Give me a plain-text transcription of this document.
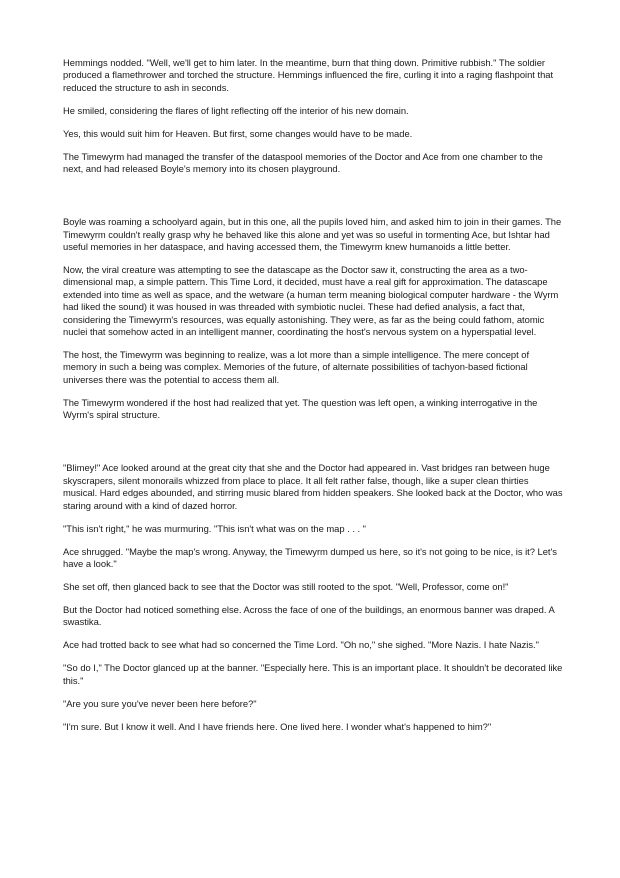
Hemmings nodded. "Well, we'll get to him later. In the meantime, burn that thing down. Primitive rubbish." The soldier produced a flamethrower and torched the structure. Hemmings influenced the fire, curling it into a raging flashpoint that reduced the structure to ash in seconds.

He smiled, considering the flares of light reflecting off the interior of his new domain.

Yes, this would suit him for Heaven. But first, some changes would have to be made.

The Timewyrm had managed the transfer of the dataspool memories of the Doctor and Ace from one chamber to the next, and had released Boyle's memory into its chosen playground.

Boyle was roaming a schoolyard again, but in this one, all the pupils loved him, and asked him to join in their games. The Timewyrm couldn't really grasp why he behaved like this alone and yet was so useful in tormenting Ace, but Ishtar had useful memories in her dataspace, and having accessed them, the Timewyrm knew humanoids a little better.

Now, the viral creature was attempting to see the datascape as the Doctor saw it, constructing the area as a two-dimensional map, a simple pattern. This Time Lord, it decided, must have a real gift for approximation. The datascape extended into time as well as space, and the wetware (a human term meaning biological computer hardware - the Wyrm had liked the sound) it was housed in was threaded with symbiotic nuclei. These had defied analysis, a fact that, considering the Timewyrm's resources, was equally astonishing. They were, as far as the being could fathom, atomic nuclei that somehow acted in an intelligent manner, coordinating the host's nervous system on a hyperspatial level.

The host, the Timewyrm was beginning to realize, was a lot more than a simple intelligence. The mere concept of memory in such a being was complex. Memories of the future, of alternate possibilities of tachyon-based fictional universes there was the potential to access them all.

The Timewyrm wondered if the host had realized that yet. The question was left open, a winking interrogative in the Wyrm's spiral structure.

"Blimey!" Ace looked around at the great city that she and the Doctor had appeared in. Vast bridges ran between huge skyscrapers, silent monorails whizzed from place to place. It all felt rather false, though, like a super clean thirties musical. Hard edges abounded, and stirring music blared from hidden speakers. She looked back at the Doctor, who was staring around with a kind of dazed horror.

"This isn't right," he was murmuring. "This isn't what was on the map . . . "

Ace shrugged. "Maybe the map's wrong. Anyway, the Timewyrm dumped us here, so it's not going to be nice, is it? Let's have a look."

She set off, then glanced back to see that the Doctor was still rooted to the spot. "Well, Professor, come on!"

But the Doctor had noticed something else. Across the face of one of the buildings, an enormous banner was draped. A swastika.

Ace had trotted back to see what had so concerned the Time Lord. "Oh no," she sighed. "More Nazis. I hate Nazis."

"So do I," The Doctor glanced up at the banner. "Especially here. This is an important place. It shouldn't be decorated like this."

"Are you sure you've never been here before?"

"I'm sure. But I know it well. And I have friends here. One lived here. I wonder what's happened to him?"
